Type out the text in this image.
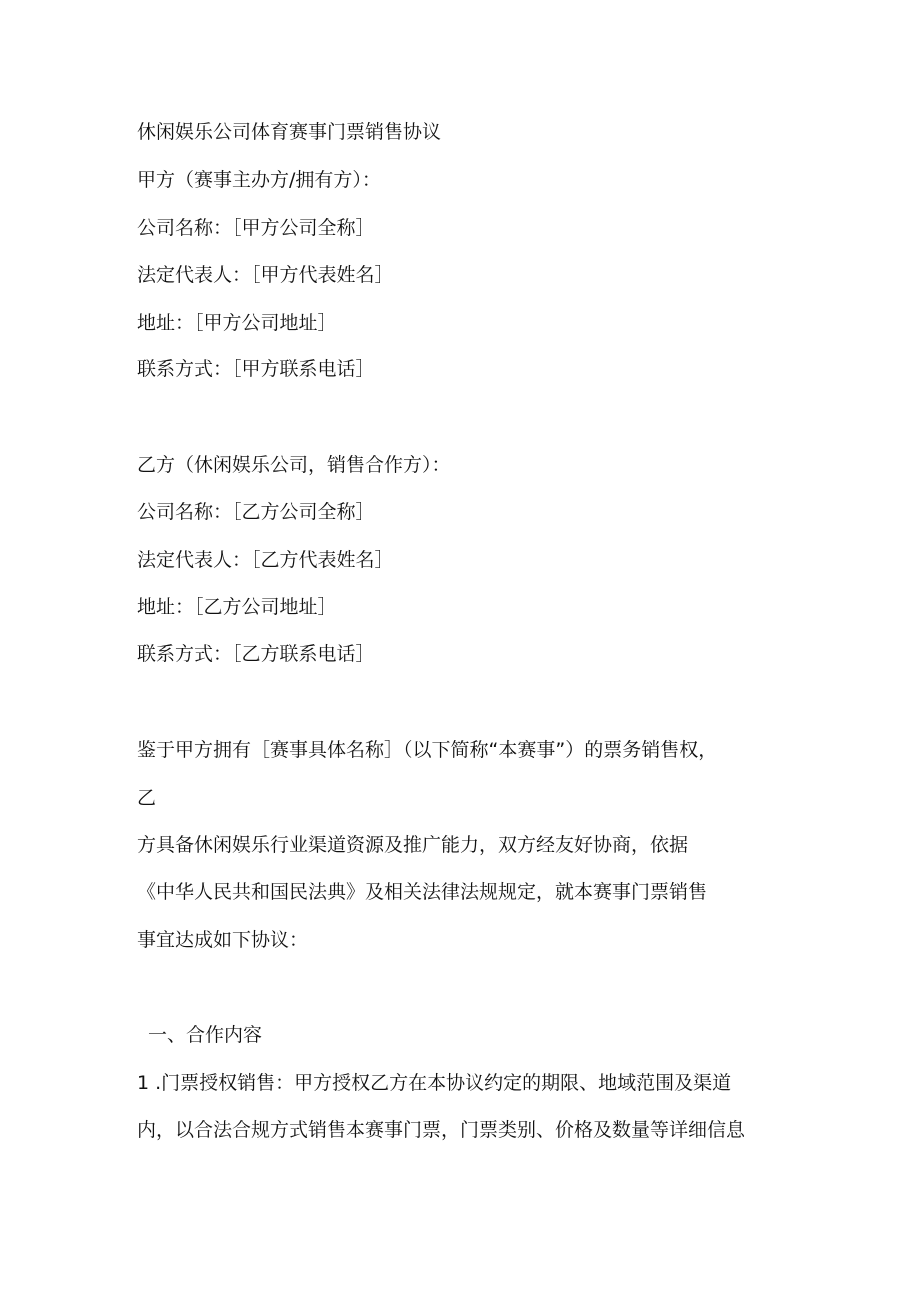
休闲娱乐公司体育赛事门票销售协议
甲方（赛事主办方/拥有方）：
公司名称：［甲方公司全称］
法定代表人：［甲方代表姓名］
地址：［甲方公司地址］
联系方式：［甲方联系电话］
乙方（休闲娱乐公司，销售合作方）：
公司名称：［乙方公司全称］
法定代表人：［乙方代表姓名］
地址：［乙方公司地址］
联系方式：［乙方联系电话］
鉴于甲方拥有［赛事具体名称］（以下简称“本赛事”）的票务销售权，
乙
方具备休闲娱乐行业渠道资源及推广能力，双方经友好协商，依据
《中华人民共和国民法典》及相关法律法规规定，就本赛事门票销售
事宜达成如下协议：
一、合作内容
1 .门票授权销售：甲方授权乙方在本协议约定的期限、地域范围及渠道
内，以合法合规方式销售本赛事门票，门票类别、价格及数量等详细信息
